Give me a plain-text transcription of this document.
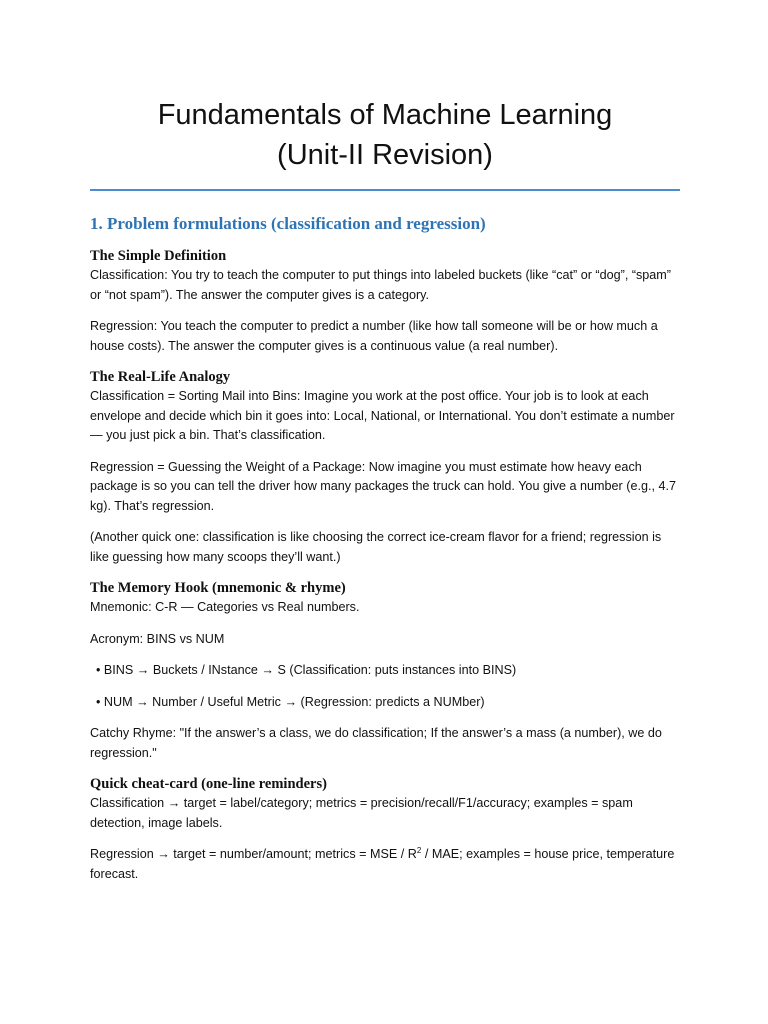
Fundamentals of Machine Learning
(Unit-II Revision)
1. Problem formulations (classification and regression)
The Simple Definition

Classification: You try to teach the computer to put things into labeled buckets (like “cat” or “dog”, “spam” or “not spam”). The answer the computer gives is a category.

Regression: You teach the computer to predict a number (like how tall someone will be or how much a house costs). The answer the computer gives is a continuous value (a real number).

The Real-Life Analogy

Classification = Sorting Mail into Bins: Imagine you work at the post office. Your job is to look at each envelope and decide which bin it goes into: Local, National, or International. You don’t estimate a number — you just pick a bin. That’s classification.

Regression = Guessing the Weight of a Package: Now imagine you must estimate how heavy each package is so you can tell the driver how many packages the truck can hold. You give a number (e.g., 4.7 kg). That’s regression.

(Another quick one: classification is like choosing the correct ice-cream flavor for a friend; regression is like guessing how many scoops they’ll want.)

The Memory Hook (mnemonic & rhyme)

Mnemonic: C-R — Categories vs Real numbers.

Acronym: BINS vs NUM

• BINS → Buckets / INstance → S (Classification: puts instances into BINS)

• NUM → Number / Useful Metric → (Regression: predicts a NUMber)

Catchy Rhyme: "If the answer’s a class, we do classification; If the answer’s a mass (a number), we do regression."

Quick cheat-card (one-line reminders)

Classification → target = label/category; metrics = precision/recall/F1/accuracy; examples = spam detection, image labels.

Regression → target = number/amount; metrics = MSE / $R^2$ / MAE; examples = house price, temperature forecast.
